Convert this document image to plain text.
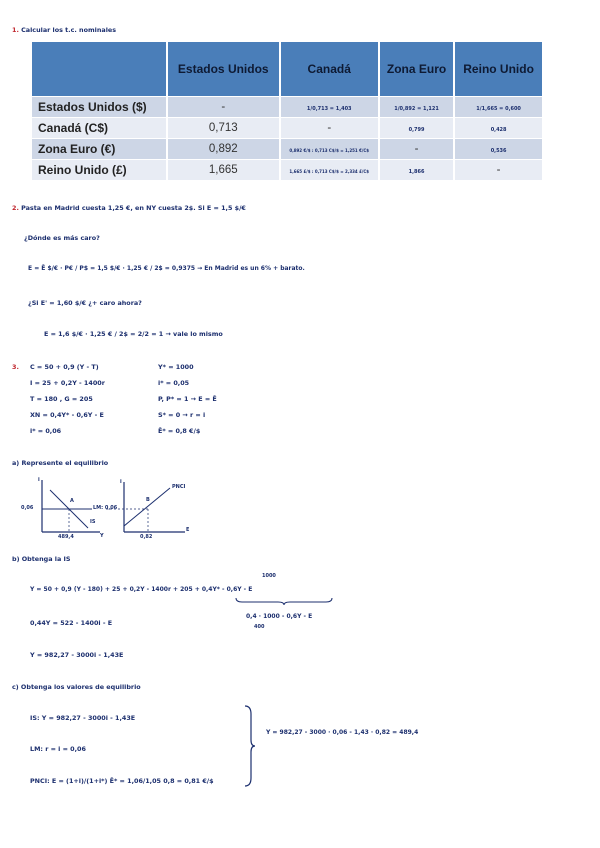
1. Calcular los t.c. nominales
	Estados Unidos	Canadá	Zona Euro	Reino Unido
Estados Unidos ($)	-	1/0,713 = 1,403	1/0,892 = 1,121	1/1,665 = 0,600
Canadá (C$)	0,713	-	0,799	0,428
Zona Euro (€)	0,892	0,892 €/$ : 0,713 C$/$ = 1,251 €/C$	-	0,536
Reino Unido (£)	1,665	1,665 £/$ : 0,713 C$/$ = 2,334 £/C$	1,866	-
2. Pasta en Madrid cuesta 1,25 €, en NY cuesta 2$. Si E = 1,5 $/€
¿Dónde es más caro?
E = Ē $/€ · P€ / P$ = 1,5 $/€ · 1,25 € / 2$ = 0,9375 → En Madrid es un 6% + barato.
¿Si E' = 1,60 $/€ ¿+ caro ahora?
E = 1,6 $/€ · 1,25 € / 2$ = 2/2 = 1 → vale lo mismo
3. C = 50 + 0,9 (Y - T)
I = 25 + 0,2Y - 1400r
T = 180 , G = 205
XN = 0,4Y* - 0,6Y - E
i* = 0,06
Y* = 1000
i* = 0,05
P, P* = 1 → E = Ē
S* = 0 → r = i
Ē* = 0,8 €/$
a) Represente el equilibrio
i
0,06	LM: 0,06
A
IS
Y
489,4
i
PNCI
B
E
0,82
b) Obtenga la IS
Y = 50 + 0,9 (Y - 180) + 25 + 0,2Y - 1400r + 205 + 0,4Y* - 0,6Y - E
1000
0,4 · 1000 - 0,6Y - E
400
0,44Y = 522 - 1400i - E
Y = 982,27 - 3000i - 1,43E
c) Obtenga los valores de equilibrio
IS: Y = 982,27 - 3000i - 1,43E
LM: r = i = 0,06
PNCI: E = (1+i)/(1+i*) Ē* = 1,06/1,05 0,8 = 0,81 €/$
Y = 982,27 - 3000 · 0,06 - 1,43 · 0,82 = 489,4
